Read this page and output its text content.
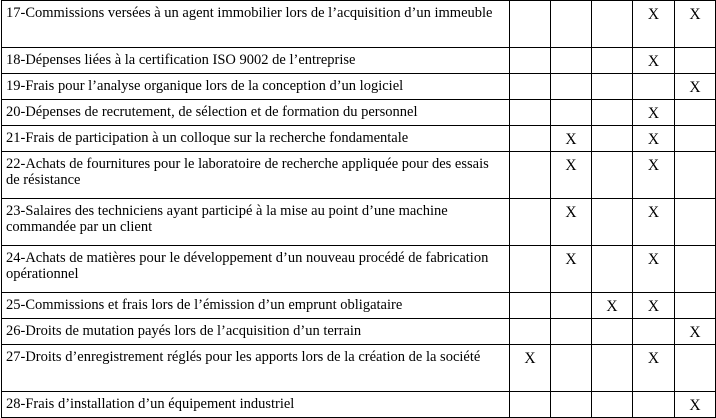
17-Commissions versées à un agent immobilier lors de l’acquisition d’un immeuble				X	X
18-Dépenses liées à la certification ISO 9002 de l’entreprise				X	
19-Frais pour l’analyse organique lors de la conception d’un logiciel					X
20-Dépenses de recrutement, de sélection et de formation du personnel				X	
21-Frais de participation à un colloque sur la recherche fondamentale		X		X	
22-Achats de fournitures pour le laboratoire de recherche appliquée pour des essais de résistance		X		X	
23-Salaires des techniciens ayant participé à la mise au point d’une machine commandée par un client		X		X	
24-Achats de matières pour le développement d’un nouveau procédé de fabrication opérationnel		X		X	
25-Commissions et frais lors de l’émission d’un emprunt obligataire			X	X	
26-Droits de mutation payés lors de l’acquisition d’un terrain					X
27-Droits d’enregistrement réglés pour les apports lors de la création de la société	X			X	
28-Frais d’installation d’un équipement industriel					X
